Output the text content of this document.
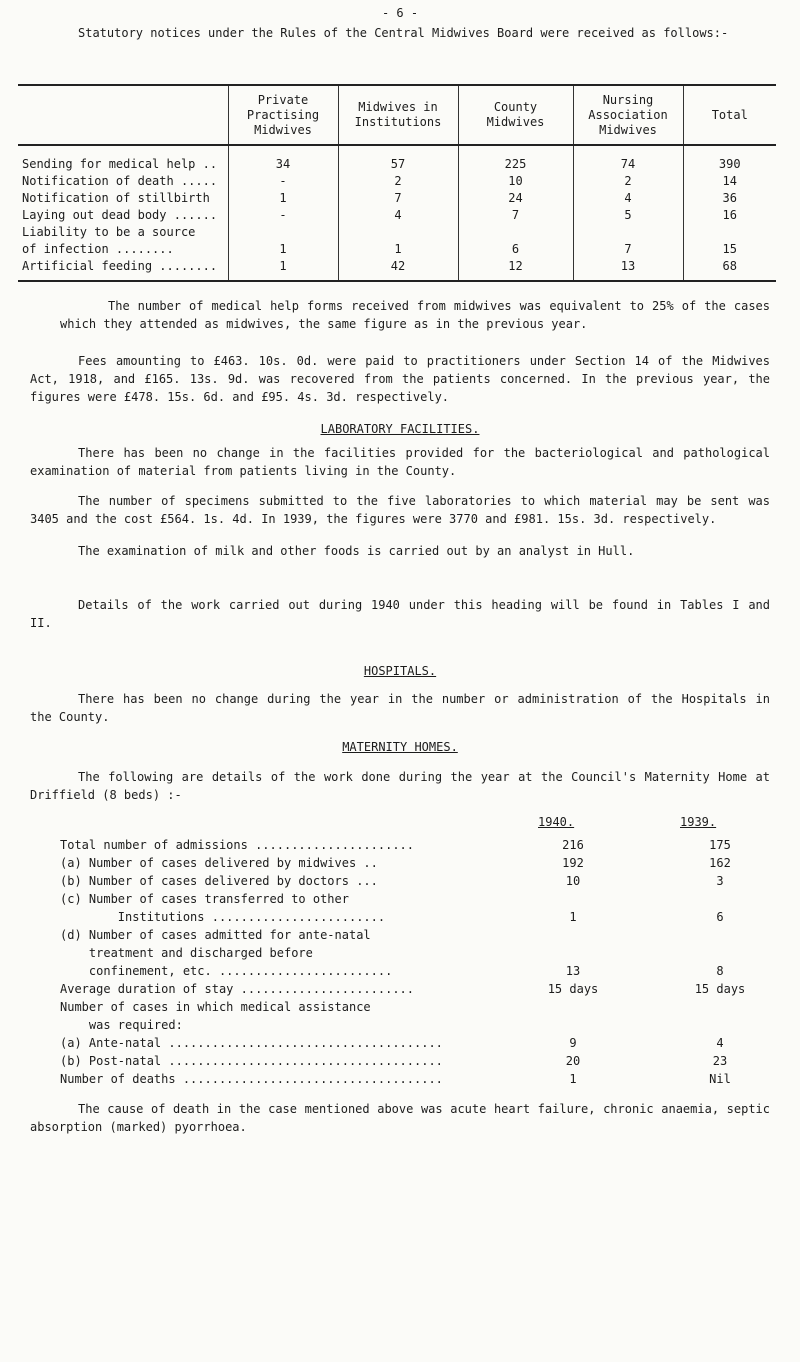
- 6 -
Statutory notices under the Rules of the Central Midwives Board were received as follows:-
	Private Practising Midwives	Midwives in Institutions	County Midwives	Nursing Association Midwives	Total
Sending for medical help ..	34	57	225	74	390
Notification of death .....	-	2	10	2	14
Notification of stillbirth	1	7	24	4	36
Laying out dead body ......	-	4	7	5	16
Liability to be a source of infection ........	1	1	6	7	15
Artificial feeding ........	1	42	12	13	68
The number of medical help forms received from midwives was equivalent to 25% of the cases which they attended as midwives, the same figure as in the previous year.
Fees amounting to £463. 10s. 0d. were paid to practitioners under Section 14 of the Midwives Act, 1918, and £165. 13s. 9d. was recovered from the patients concerned. In the previous year, the figures were £478. 15s. 6d. and £95. 4s. 3d. respectively.
LABORATORY FACILITIES.
There has been no change in the facilities provided for the bacteriological and pathological examination of material from patients living in the County.
The number of specimens submitted to the five laboratories to which material may be sent was 3405 and the cost £564. 1s. 4d. In 1939, the figures were 3770 and £981. 15s. 3d. respectively.
The examination of milk and other foods is carried out by an analyst in Hull.
Details of the work carried out during 1940 under this heading will be found in Tables I and II.
HOSPITALS.
There has been no change during the year in the number or administration of the Hospitals in the County.
MATERNITY HOMES.
The following are details of the work done during the year at the Council's Maternity Home at Driffield (8 beds) :-
1940.	1939.
Total number of admissions ......................	216	175
(a) Number of cases delivered by midwives ..	192	162
(b) Number of cases delivered by doctors ...	10	3
(c) Number of cases transferred to other
Institutions ........................	1	6
(d) Number of cases admitted for ante-natal
treatment and discharged before
confinement, etc. ........................	13	8
Average duration of stay ........................	15 days	15 days
Number of cases in which medical assistance
was required:
(a) Ante-natal ......................................	9	4
(b) Post-natal ......................................	20	23
Number of deaths ....................................	1	Nil
The cause of death in the case mentioned above was acute heart failure, chronic anaemia, septic absorption (marked) pyorrhoea.
